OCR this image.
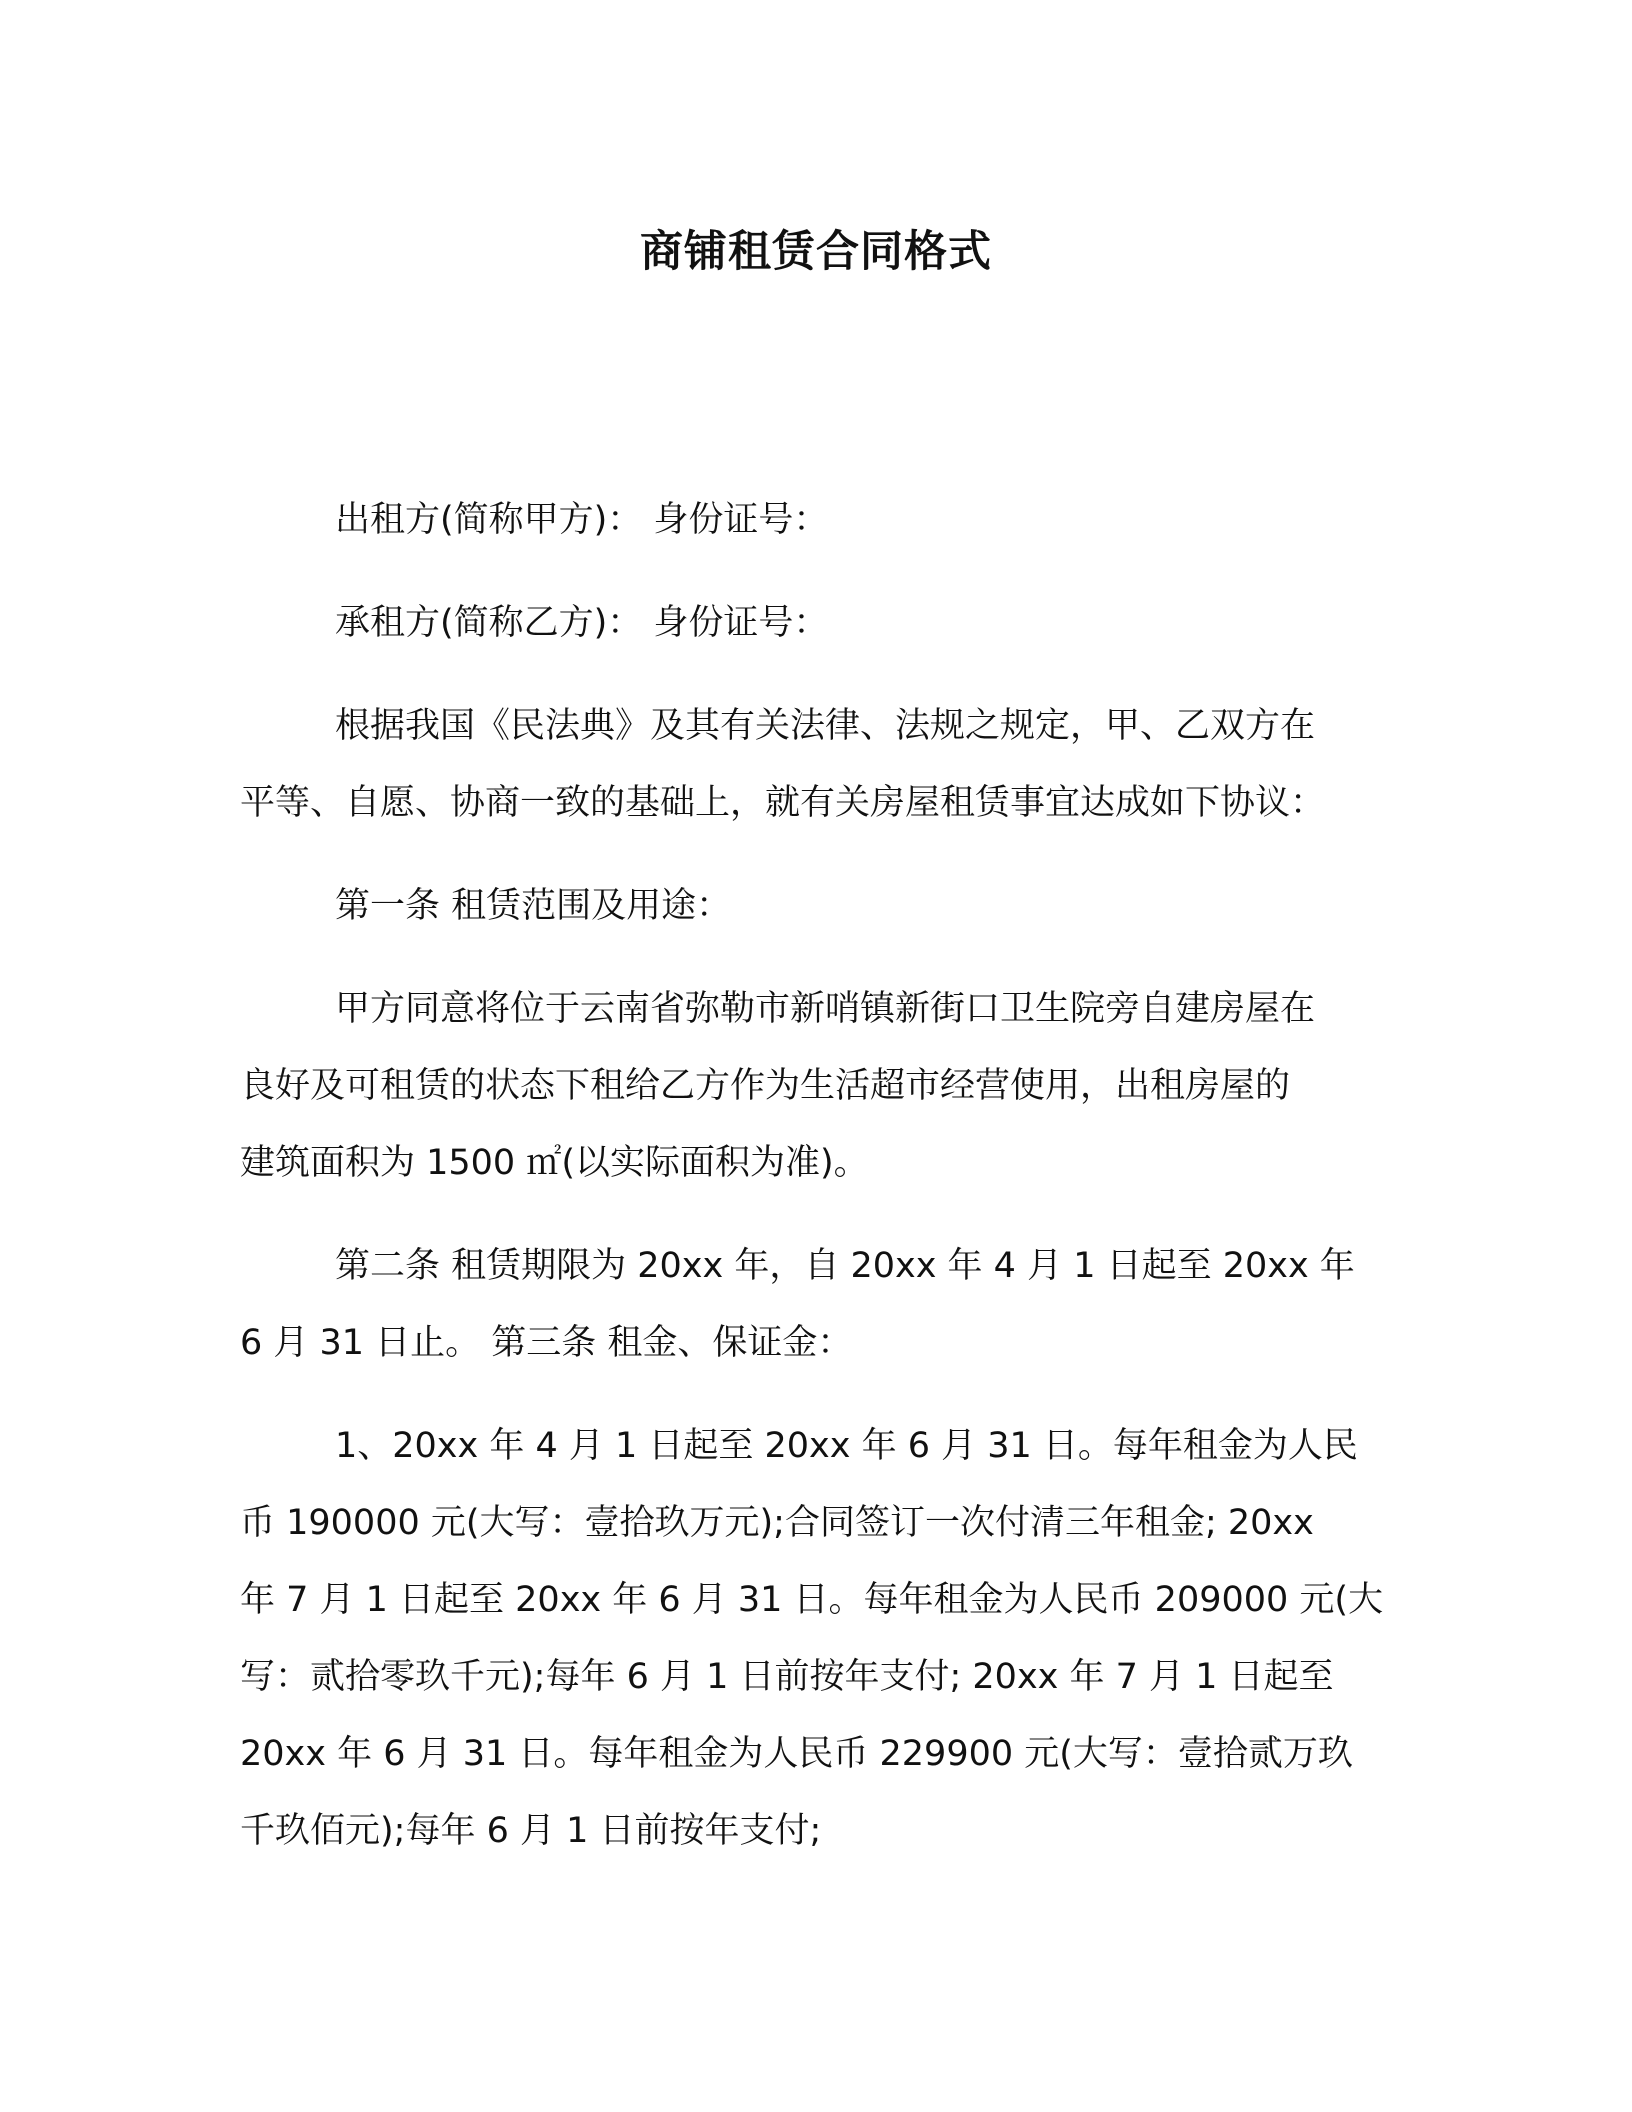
商铺租赁合同格式
出租方(简称甲方)： 身份证号：
承租方(简称乙方)： 身份证号：
根据我国《民法典》及其有关法律、法规之规定，甲、乙双方在
平等、自愿、协商一致的基础上，就有关房屋租赁事宜达成如下协议：
第一条 租赁范围及用途：
甲方同意将位于云南省弥勒市新哨镇新街口卫生院旁自建房屋在
良好及可租赁的状态下租给乙方作为生活超市经营使用，出租房屋的
建筑面积为 1500 ㎡(以实际面积为准)。
第二条 租赁期限为 20xx 年，自 20xx 年 4 月 1 日起至 20xx 年
6 月 31 日止。 第三条 租金、保证金：
1、20xx 年 4 月 1 日起至 20xx 年 6 月 31 日。每年租金为人民
币 190000 元(大写：壹拾玖万元);合同签订一次付清三年租金; 20xx
年 7 月 1 日起至 20xx 年 6 月 31 日。每年租金为人民币 209000 元(大
写：贰拾零玖千元);每年 6 月 1 日前按年支付; 20xx 年 7 月 1 日起至
20xx 年 6 月 31 日。每年租金为人民币 229900 元(大写：壹拾贰万玖
千玖佰元);每年 6 月 1 日前按年支付;
